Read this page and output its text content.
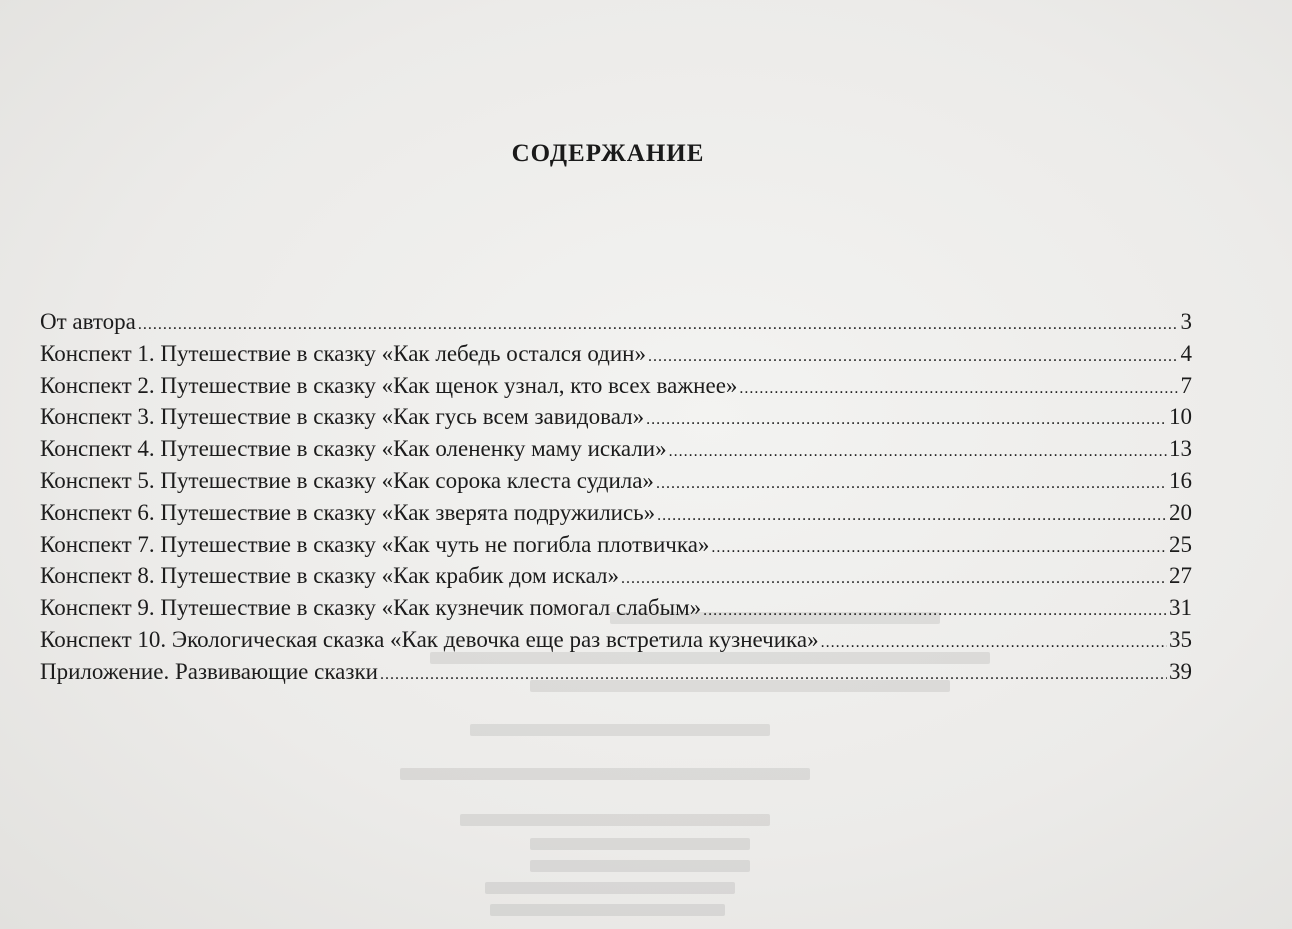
СОДЕРЖАНИЕ
От автора .....	3
Конспект 1. Путешествие в сказку «Как лебедь остался один» .....	4
Конспект 2. Путешествие в сказку «Как щенок узнал, кто всех важнее» .....	7
Конспект 3. Путешествие в сказку «Как гусь всем завидовал» .....	10
Конспект 4. Путешествие в сказку «Как олененку маму искали» .....	13
Конспект 5. Путешествие в сказку «Как сорока клеста судила» .....	16
Конспект 6. Путешествие в сказку «Как зверята подружились» .....	20
Конспект 7. Путешествие в сказку «Как чуть не погибла плотвичка» .....	25
Конспект 8. Путешествие в сказку «Как крабик дом искал» .....	27
Конспект 9. Путешествие в сказку «Как кузнечик помогал слабым» .....	31
Конспект 10. Экологическая сказка «Как девочка еще раз встретила кузнечика» .....	35
Приложение. Развивающие сказки .....	39
